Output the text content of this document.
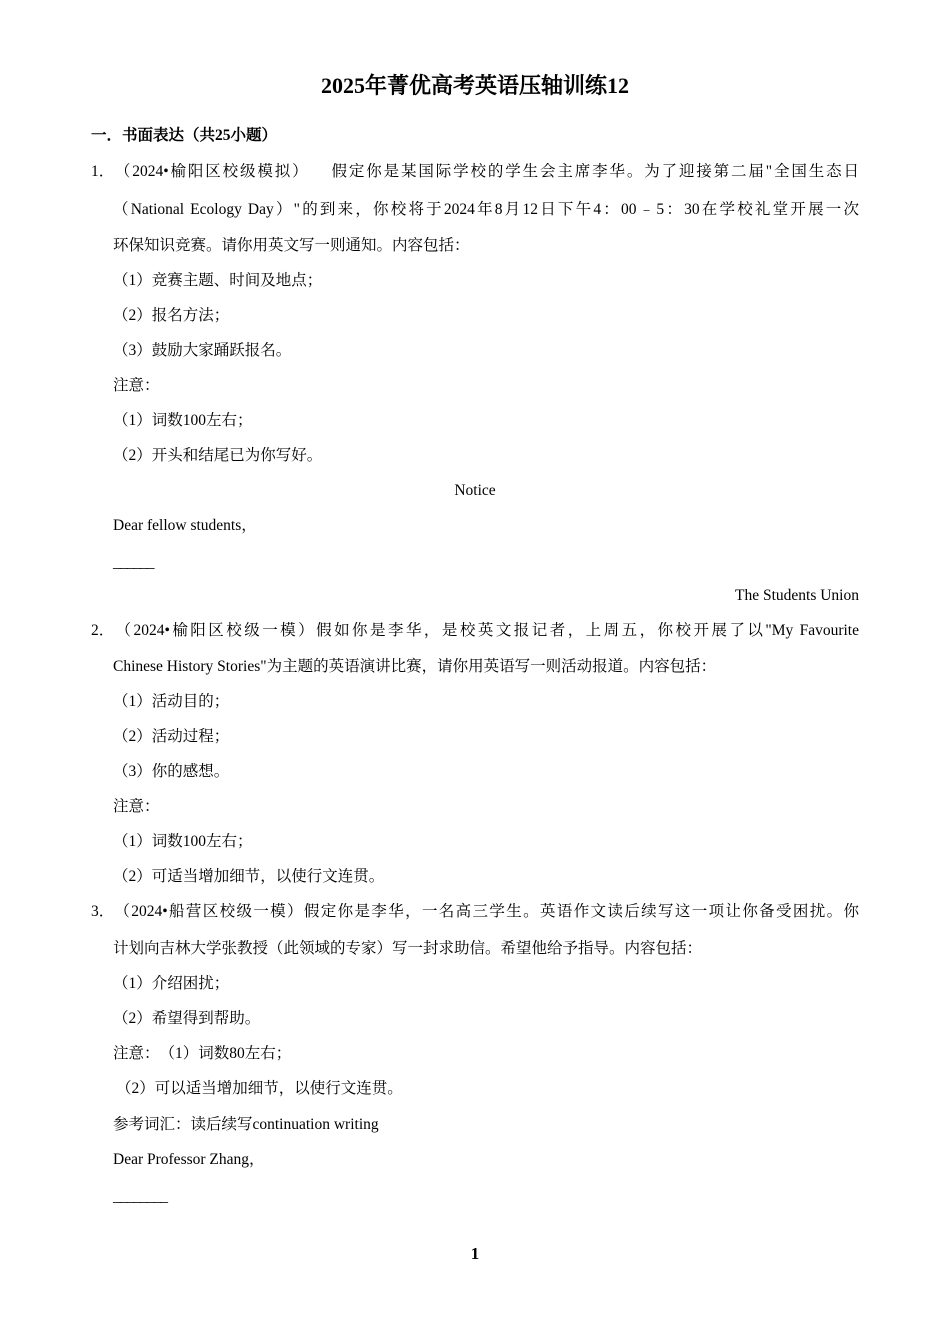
2025年菁优高考英语压轴训练12
一．书面表达（共25小题）
1．（2024•榆阳区校级模拟） 假定你是某国际学校的学生会主席李华。为了迎接第二届"全国生态日
（National Ecology Day）"的到来，你校将于2024年8月12日下午4：00﹣5：30在学校礼堂开展一次
环保知识竞赛。请你用英文写一则通知。内容包括：
（1）竞赛主题、时间及地点；
（2）报名方法；
（3）鼓励大家踊跃报名。
注意：
（1）词数100左右；
（2）开头和结尾已为你写好。
Notice
Dear fellow students，
______
The Students Union
2．（2024•榆阳区校级一模）假如你是李华，是校英文报记者，上周五，你校开展了以"My Favourite
Chinese History Stories"为主题的英语演讲比赛，请你用英语写一则活动报道。内容包括：
（1）活动目的；
（2）活动过程；
（3）你的感想。
注意：
（1）词数100左右；
（2）可适当增加细节，以使行文连贯。
3．（2024•船营区校级一模）假定你是李华，一名高三学生。英语作文读后续写这一项让你备受困扰。你
计划向吉林大学张教授（此领域的专家）写一封求助信。希望他给予指导。内容包括：
（1）介绍困扰；
（2）希望得到帮助。
注意：　（1）词数80左右；
（2）可以适当增加细节，以使行文连贯。
参考词汇：读后续写continuation writing
Dear Professor Zhang，
________
1
